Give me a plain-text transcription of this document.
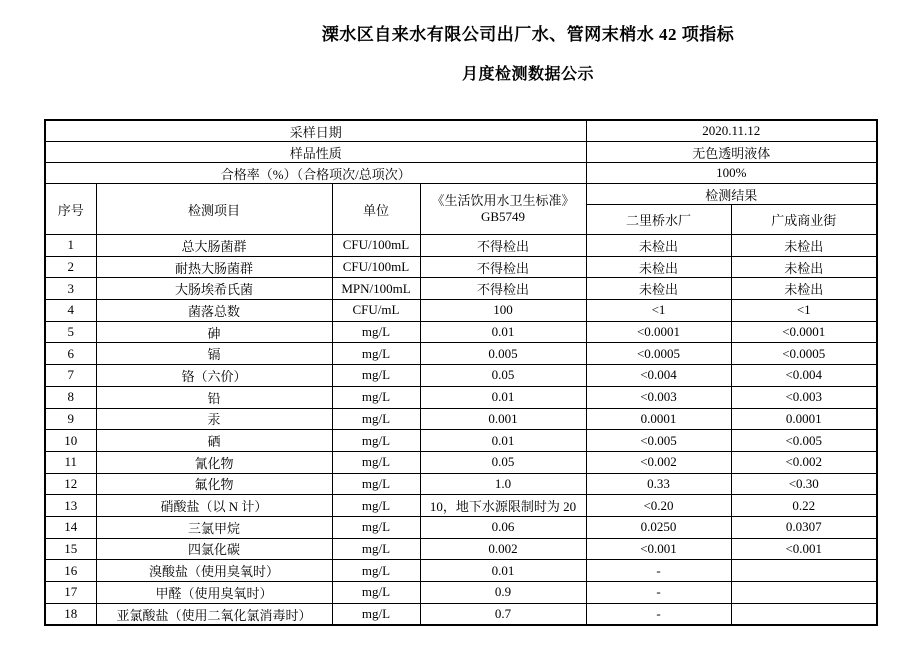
溧水区自来水有限公司出厂水、管网末梢水 42 项指标
月度检测数据公示
采样日期				2020.11.12	
样品性质				无色透明液体	
合格率（%）（合格项次/总项次）				100%	
序号	检测项目	单位	《生活饮用水卫生标准》
GB5749	检测结果	
				二里桥水厂	广成商业街
1	总大肠菌群	CFU/100mL	不得检出	未检出	未检出
2	耐热大肠菌群	CFU/100mL	不得检出	未检出	未检出
3	大肠埃希氏菌	MPN/100mL	不得检出	未检出	未检出
4	菌落总数	CFU/mL	100	<1	<1
5	砷	mg/L	0.01	<0.0001	<0.0001
6	镉	mg/L	0.005	<0.0005	<0.0005
7	铬（六价）	mg/L	0.05	<0.004	<0.004
8	铅	mg/L	0.01	<0.003	<0.003
9	汞	mg/L	0.001	0.0001	0.0001
10	硒	mg/L	0.01	<0.005	<0.005
11	氰化物	mg/L	0.05	<0.002	<0.002
12	氟化物	mg/L	1.0	0.33	<0.30
13	硝酸盐（以 N 计）	mg/L	10，地下水源限制时为 20	<0.20	0.22
14	三氯甲烷	mg/L	0.06	0.0250	0.0307
15	四氯化碳	mg/L	0.002	<0.001	<0.001
16	溴酸盐（使用臭氧时）	mg/L	0.01	-	
17	甲醛（使用臭氧时）	mg/L	0.9	-	
18	亚氯酸盐（使用二氧化氯消毒时）	mg/L	0.7	-	
